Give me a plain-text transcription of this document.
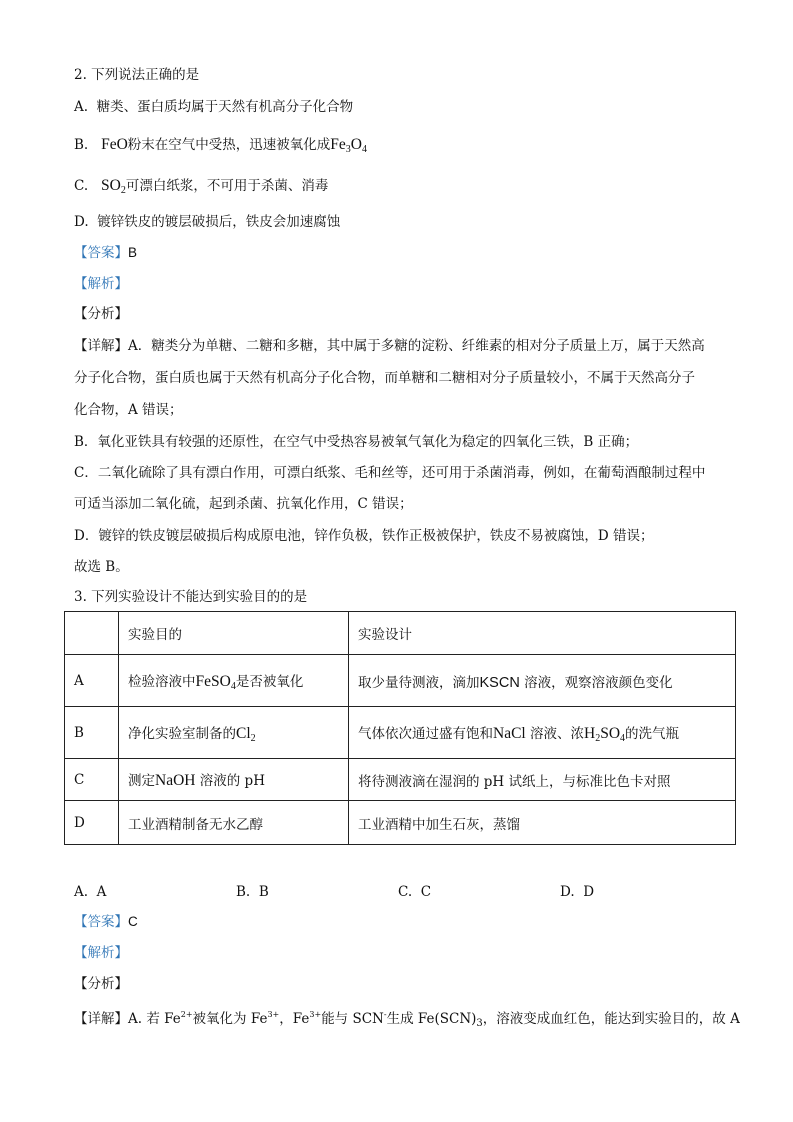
2. 下列说法正确的是
A. 糖类、蛋白质均属于天然有机高分子化合物
B. FeO粉末在空气中受热，迅速被氧化成$Fe_3O_4$
C. $SO_2$可漂白纸浆，不可用于杀菌、消毒
D. 镀锌铁皮的镀层破损后，铁皮会加速腐蚀
【答案】B
【解析】
【分析】
【详解】A．糖类分为单糖、二糖和多糖，其中属于多糖的淀粉、纤维素的相对分子质量上万，属于天然高
分子化合物，蛋白质也属于天然有机高分子化合物，而单糖和二糖相对分子质量较小，不属于天然高分子
化合物，A 错误；
B．氧化亚铁具有较强的还原性，在空气中受热容易被氧气氧化为稳定的四氧化三铁，B 正确；
C．二氧化硫除了具有漂白作用，可漂白纸浆、毛和丝等，还可用于杀菌消毒，例如，在葡萄酒酿制过程中
可适当添加二氧化硫，起到杀菌、抗氧化作用，C 错误；
D．镀锌的铁皮镀层破损后构成原电池，锌作负极，铁作正极被保护，铁皮不易被腐蚀，D 错误；
故选 B。
3. 下列实验设计不能达到实验目的的是
	实验目的	实验设计
A	检验溶液中FeSO$_4$是否被氧化	取少量待测液，滴加KSCN 溶液，观察溶液颜色变化
B	净化实验室制备的$Cl_2$	气体依次通过盛有饱和NaCl 溶液、浓$H_2SO_4$的洗气瓶
C	测定NaOH 溶液的 pH	将待测液滴在湿润的 pH 试纸上，与标准比色卡对照
D	工业酒精制备无水乙醇	工业酒精中加生石灰，蒸馏
A. A	B. B	C. C	D. D
【答案】C
【解析】
【分析】
【详解】A. 若 $Fe^{2+}$被氧化为 $Fe^{3+}$，$Fe^{3+}$能与 SCN-生成 $Fe(SCN)_3$，溶液变成血红色，能达到实验目的，故 A
